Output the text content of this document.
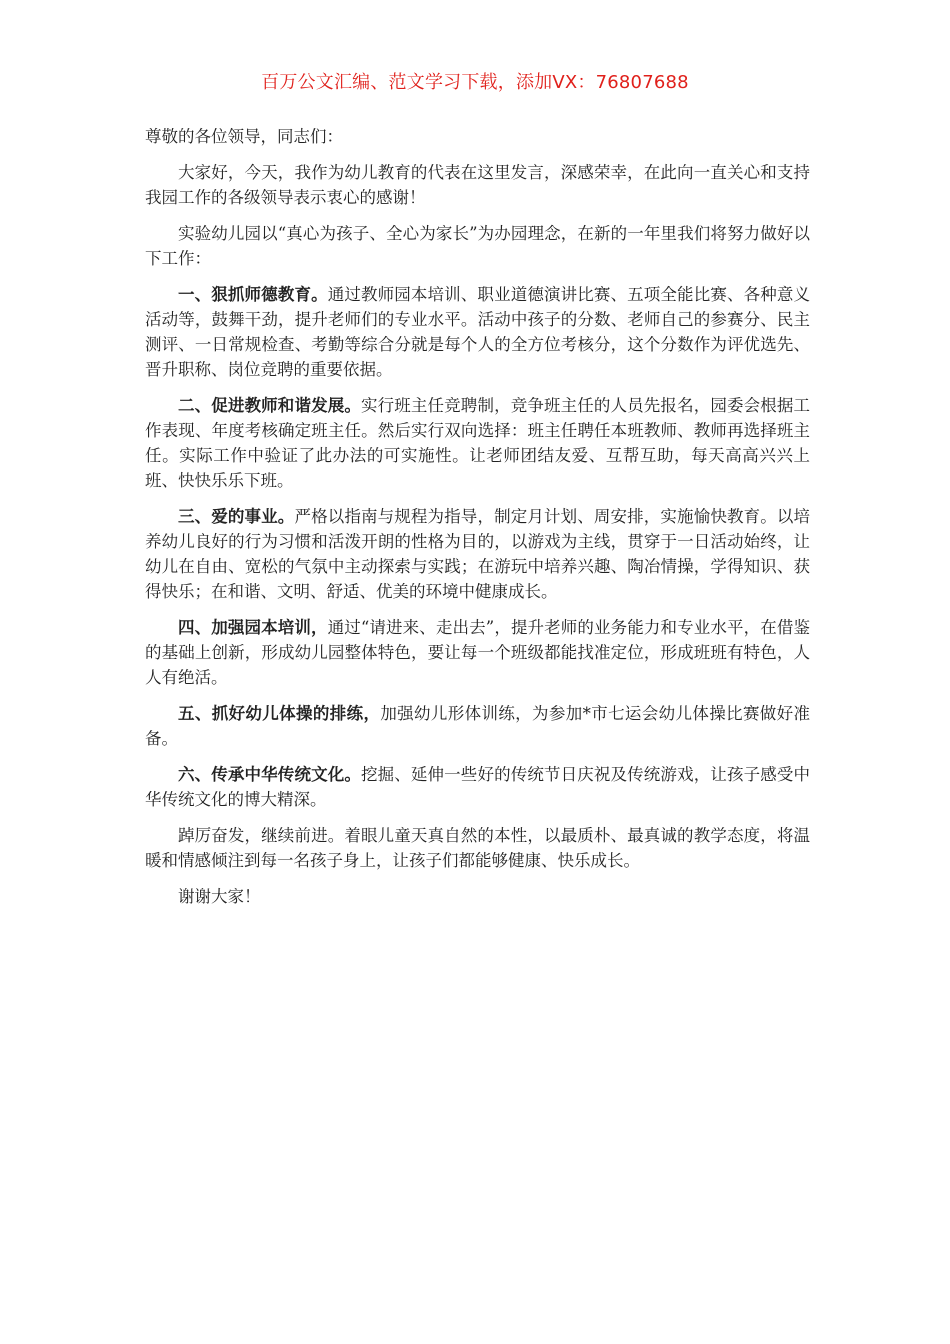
百万公文汇编、范文学习下载，添加VX：76807688

尊敬的各位领导，同志们：

大家好，今天，我作为幼儿教育的代表在这里发言，深感荣幸，在此向一直关心和支持我园工作的各级领导表示衷心的感谢！

实验幼儿园以“真心为孩子、全心为家长”为办园理念，在新的一年里我们将努力做好以下工作：

一、狠抓师德教育。通过教师园本培训、职业道德演讲比赛、五项全能比赛、各种意义活动等，鼓舞干劲，提升老师们的专业水平。活动中孩子的分数、老师自己的参赛分、民主测评、一日常规检查、考勤等综合分就是每个人的全方位考核分，这个分数作为评优选先、晋升职称、岗位竞聘的重要依据。

二、促进教师和谐发展。实行班主任竞聘制，竞争班主任的人员先报名，园委会根据工作表现、年度考核确定班主任。然后实行双向选择：班主任聘任本班教师、教师再选择班主任。实际工作中验证了此办法的可实施性。让老师团结友爱、互帮互助，每天高高兴兴上班、快快乐乐下班。

三、爱的事业。严格以指南与规程为指导，制定月计划、周安排，实施愉快教育。以培养幼儿良好的行为习惯和活泼开朗的性格为目的，以游戏为主线，贯穿于一日活动始终，让幼儿在自由、宽松的气氛中主动探索与实践；在游玩中培养兴趣、陶冶情操，学得知识、获得快乐；在和谐、文明、舒适、优美的环境中健康成长。

四、加强园本培训，通过“请进来、走出去”，提升老师的业务能力和专业水平，在借鉴的基础上创新，形成幼儿园整体特色，要让每一个班级都能找准定位，形成班班有特色，人人有绝活。

五、抓好幼儿体操的排练，加强幼儿形体训练，为参加*市七运会幼儿体操比赛做好准备。

六、传承中华传统文化。挖掘、延伸一些好的传统节日庆祝及传统游戏，让孩子感受中华传统文化的博大精深。

踔厉奋发，继续前进。着眼儿童天真自然的本性，以最质朴、最真诚的教学态度，将温暖和情感倾注到每一名孩子身上，让孩子们都能够健康、快乐成长。

谢谢大家！
